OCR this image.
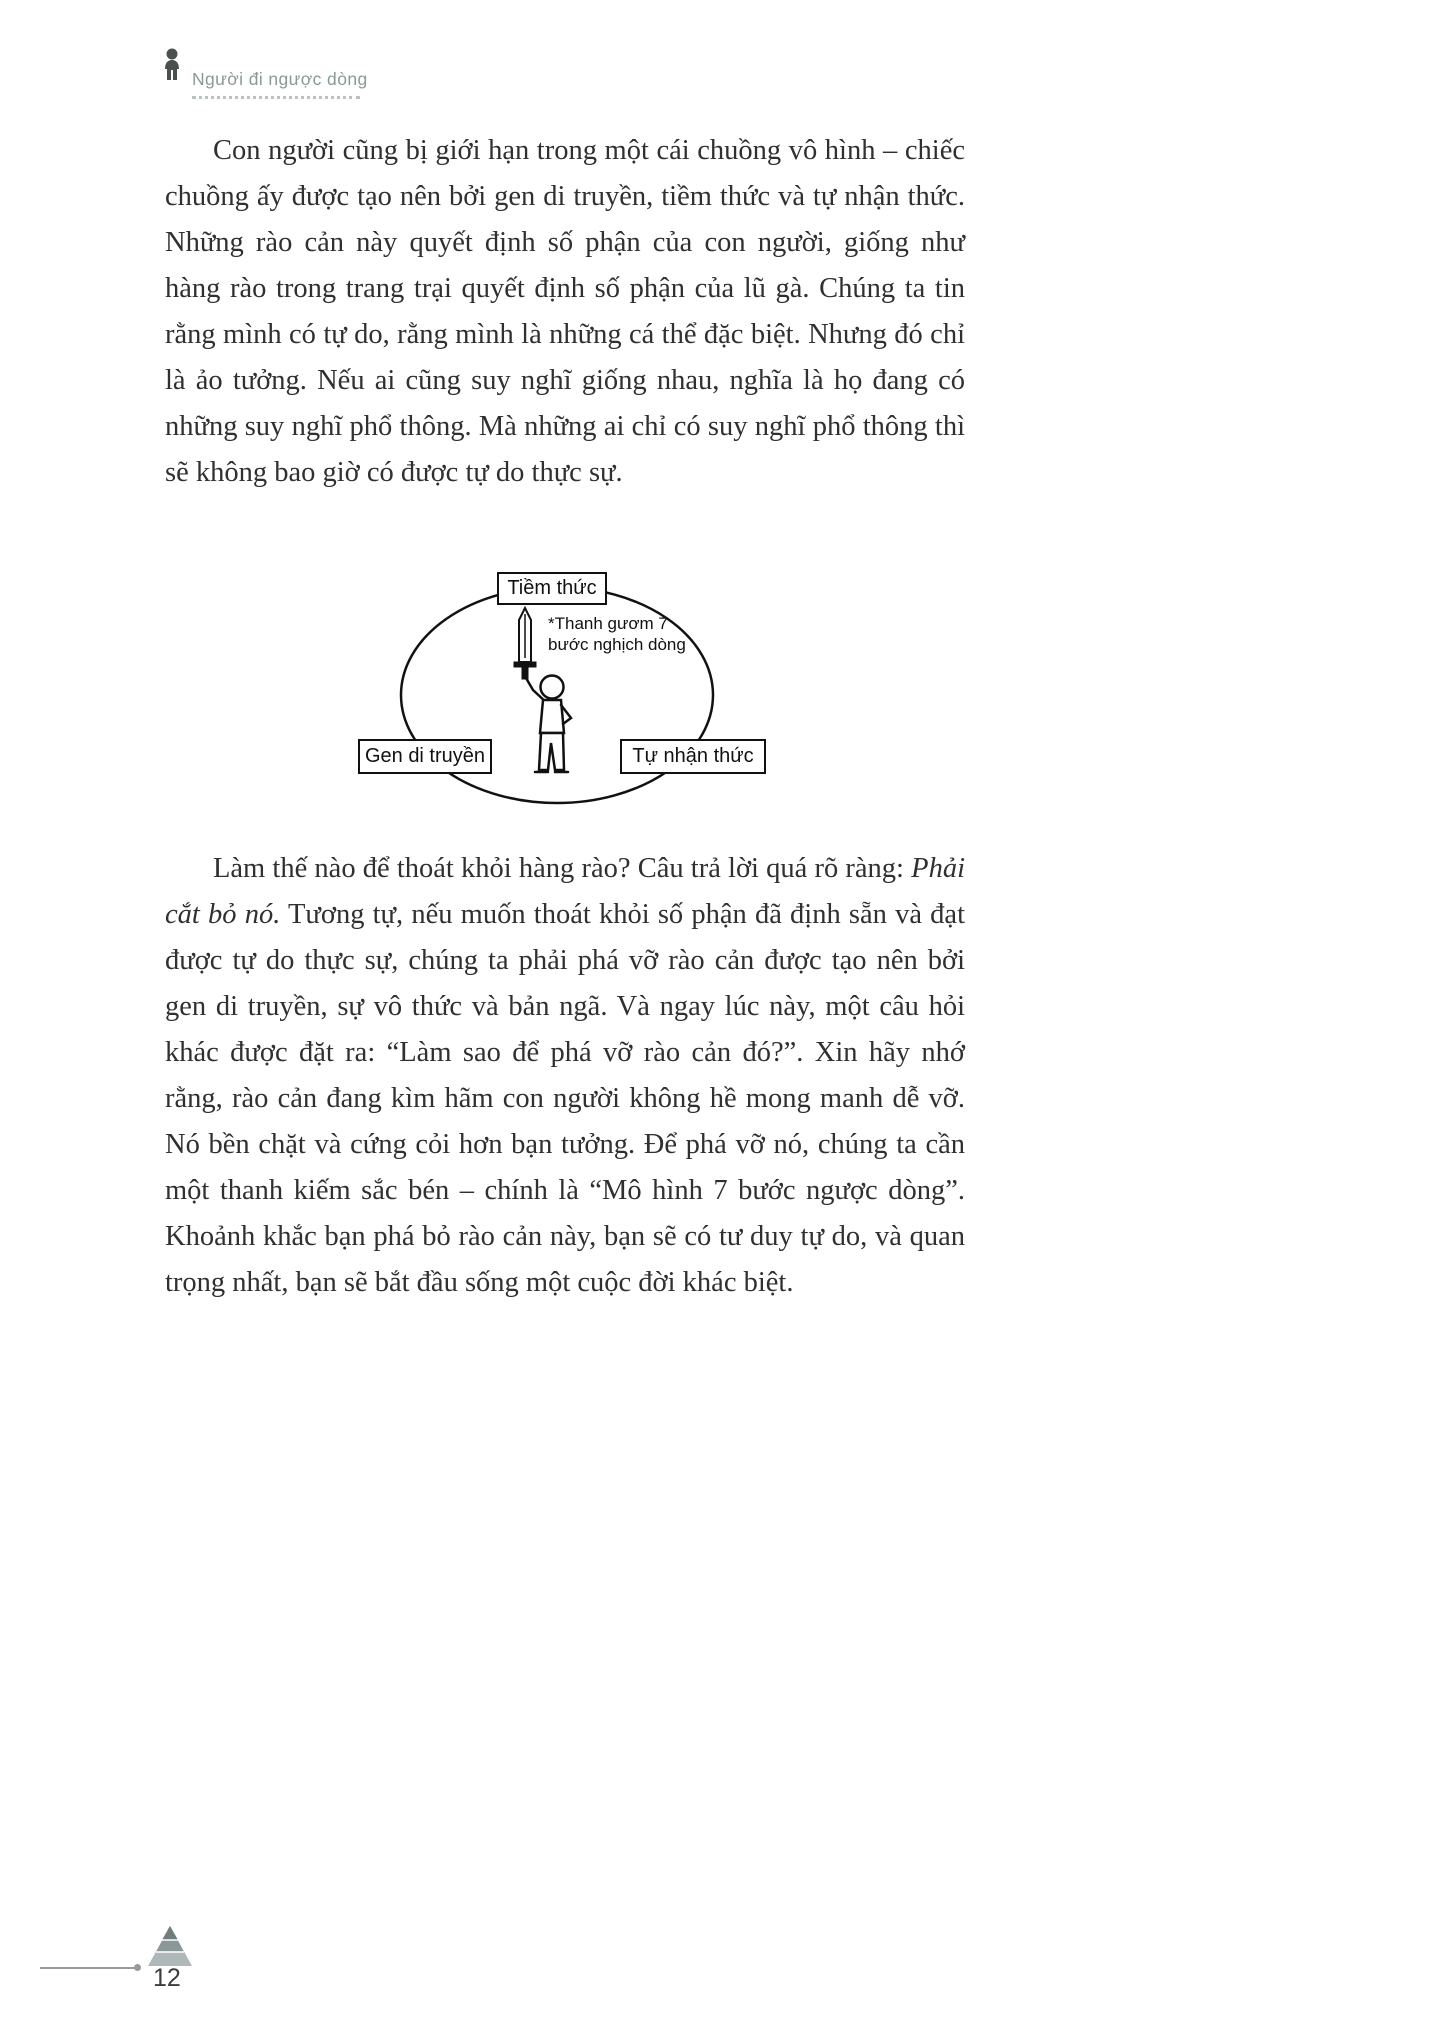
Người đi ngược dòng

Con người cũng bị giới hạn trong một cái chuồng vô hình – chiếc chuồng ấy được tạo nên bởi gen di truyền, tiềm thức và tự nhận thức. Những rào cản này quyết định số phận của con người, giống như hàng rào trong trang trại quyết định số phận của lũ gà. Chúng ta tin rằng mình có tự do, rằng mình là những cá thể đặc biệt. Nhưng đó chỉ là ảo tưởng. Nếu ai cũng suy nghĩ giống nhau, nghĩa là họ đang có những suy nghĩ phổ thông. Mà những ai chỉ có suy nghĩ phổ thông thì sẽ không bao giờ có được tự do thực sự.

Tiềm thức
Gen di truyền	Tự nhận thức
*Thanh gươm 7
bước nghịch dòng

Làm thế nào để thoát khỏi hàng rào? Câu trả lời quá rõ ràng: Phải cắt bỏ nó. Tương tự, nếu muốn thoát khỏi số phận đã định sẵn và đạt được tự do thực sự, chúng ta phải phá vỡ rào cản được tạo nên bởi gen di truyền, sự vô thức và bản ngã. Và ngay lúc này, một câu hỏi khác được đặt ra: “Làm sao để phá vỡ rào cản đó?”. Xin hãy nhớ rằng, rào cản đang kìm hãm con người không hề mong manh dễ vỡ. Nó bền chặt và cứng cỏi hơn bạn tưởng. Để phá vỡ nó, chúng ta cần một thanh kiếm sắc bén – chính là “Mô hình 7 bước ngược dòng”. Khoảnh khắc bạn phá bỏ rào cản này, bạn sẽ có tư duy tự do, và quan trọng nhất, bạn sẽ bắt đầu sống một cuộc đời khác biệt.

12
